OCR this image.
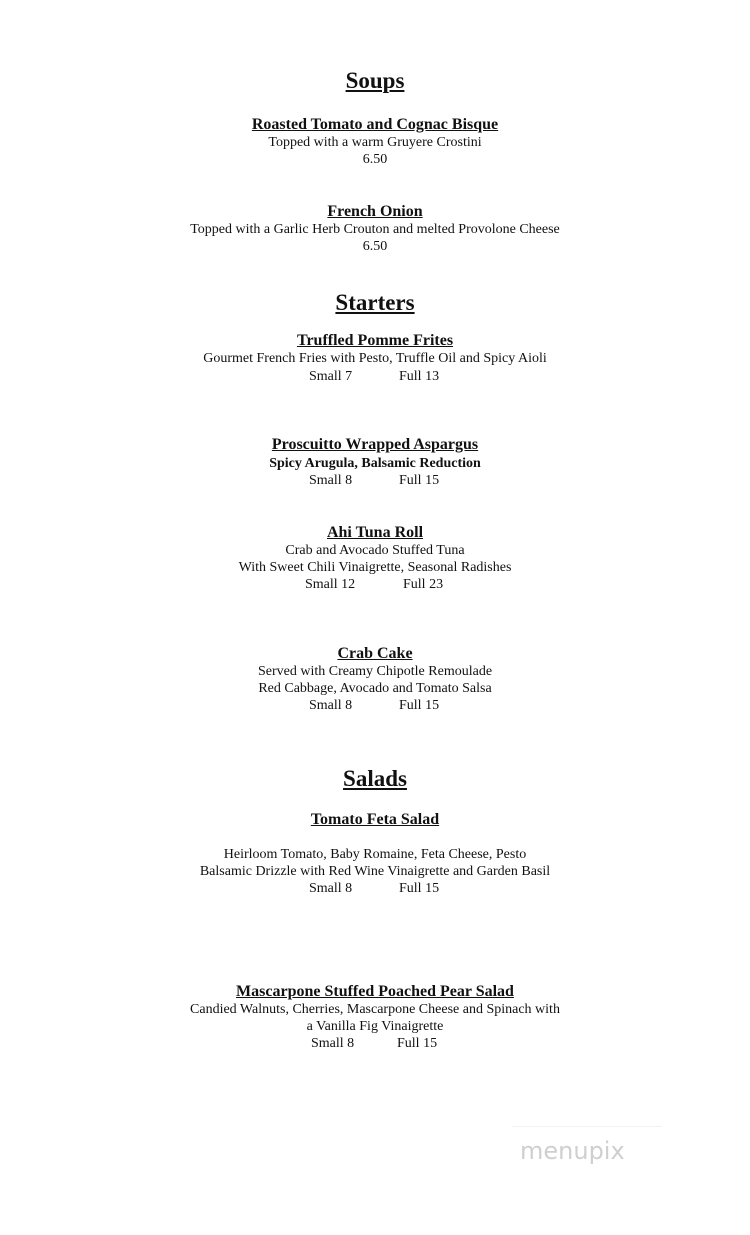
Soups
Roasted Tomato and Cognac Bisque
Topped with a warm Gruyere Crostini
6.50
French Onion
Topped with a Garlic Herb Crouton and melted Provolone Cheese
6.50
Starters
Truffled Pomme Frites
Gourmet French Fries with Pesto, Truffle Oil and Spicy Aioli
Small 7	Full 13
Proscuitto Wrapped Aspargus
Spicy Arugula, Balsamic Reduction
Small 8	Full 15
Ahi Tuna Roll
Crab and Avocado Stuffed Tuna
With Sweet Chili Vinaigrette, Seasonal Radishes
Small 12	Full 23
Crab Cake
Served with Creamy Chipotle Remoulade
Red Cabbage, Avocado and Tomato Salsa
Small 8	Full 15
Salads
Tomato Feta Salad
Heirloom Tomato, Baby Romaine, Feta Cheese, Pesto
Balsamic Drizzle with Red Wine Vinaigrette and Garden Basil
Small 8	Full 15
Mascarpone Stuffed Poached Pear Salad
Candied Walnuts, Cherries, Mascarpone Cheese and Spinach with
a Vanilla Fig Vinaigrette
Small 8	Full 15
menupix
